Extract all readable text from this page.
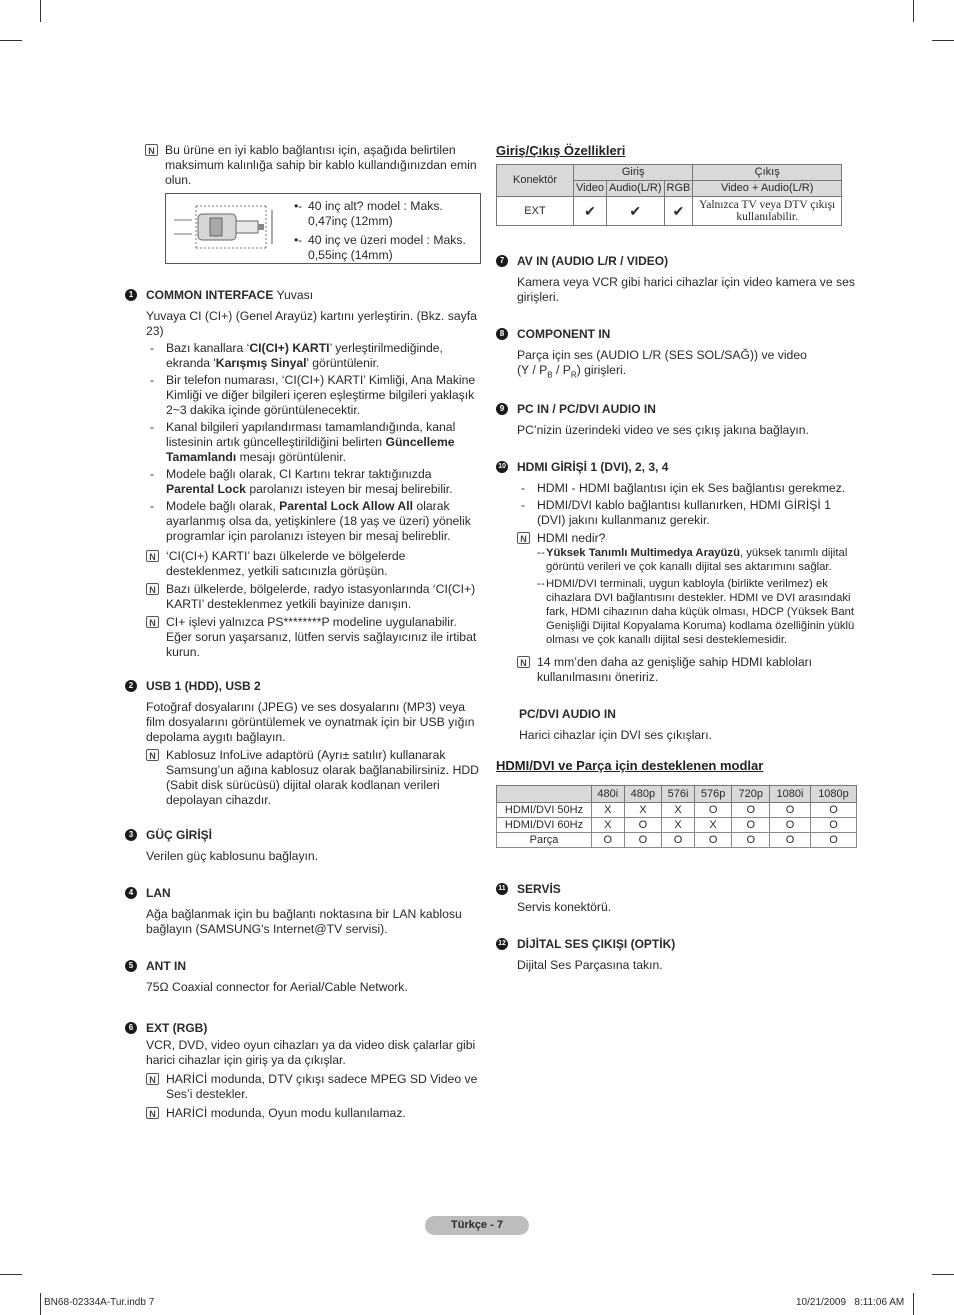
N Bu ürüne en iyi kablo bağlantısı için, aşağıda belirtilen maksimum kalınlığa sahip bir kablo kullandığınızdan emin olun.

- • 40 inç alt? model : Maks. 0,47inç (12mm)
- • 40 inç ve üzeri model : Maks. 0,55inç (14mm)
1	COMMON INTERFACE Yuvası

Yuvaya CI (CI+) (Genel Arayüz) kartını yerleştirin. (Bkz. sayfa 23)

- Bazı kanallara ‘CI(CI+) KARTI’ yerleştirilmediğinde, ekranda 'Karışmış Sinyal' görüntülenir.
- Bir telefon numarası, ‘CI(CI+) KARTI’ Kimliği, Ana Makine Kimliği ve diğer bilgileri içeren eşleştirme bilgileri yaklaşık 2~3 dakika içinde görüntülenecektir.
- Kanal bilgileri yapılandırması tamamlandığında, kanal listesinin artık güncelleştirildiğini belirten Güncelleme Tamamlandı mesajı görüntülenir.
- Modele bağlı olarak, CI Kartını tekrar taktığınızda Parental Lock parolanızı isteyen bir mesaj belirebilir.
- Modele bağlı olarak, Parental Lock Allow All olarak ayarlanmış olsa da, yetişkinlere (18 yaş ve üzeri) yönelik programlar için parolanızı isteyen bir mesaj belireblir.
N ‘CI(CI+) KARTI’ bazı ülkelerde ve bölgelerde desteklenmez, yetkili satıcınızla görüşün.
N Bazı ülkelerde, bölgelerde, radyo istasyonlarında ‘CI(CI+) KARTI’ desteklenmez yetkili bayinize danışın.
N CI+ işlevi yalnızca PS********P modeline uygulanabilir. Eğer sorun yaşarsanız, lütfen servis sağlayıcınız ile irtibat kurun.
2	USB 1 (HDD), USB 2

Fotoğraf dosyalarını (JPEG) ve ses dosyalarını (MP3) veya film dosyalarını görüntülemek ve oynatmak için bir USB yığın depolama aygıtı bağlayın.

N Kablosuz InfoLive adaptörü (Ayrı± satılır) kullanarak Samsung’un ağına kablosuz olarak bağlanabilirsiniz. HDD (Sabit disk sürücüsü) dijital olarak kodlanan verileri depolayan cihazdır.
3	GÜÇ GİRİŞİ

Verilen güç kablosunu bağlayın.

4	LAN

Ağa bağlanmak için bu bağlantı noktasına bir LAN kablosu bağlayın (SAMSUNG's Internet@TV servisi).

5	ANT IN

75Ω Coaxial connector for Aerial/Cable Network.

6	EXT (RGB)

VCR, DVD, video oyun cihazları ya da video disk çalarlar gibi harici cihazlar için giriş ya da çıkışlar.

N HARİCİ modunda, DTV çıkışı sadece MPEG SD Video ve Ses’i destekler.
N HARİCİ modunda, Oyun modu kullanılamaz.

Giriş/Çıkış Özellikleri

Konektör	Giriş			Çıkış
	Video	Audio(L/R)	RGB	Video + Audio(L/R)
EXT	✔	✔	✔	Yalnızca TV veya DTV çıkışı kullanılabilir.
7	AV IN (AUDIO L/R / VIDEO)

Kamera veya VCR gibi harici cihazlar için video kamera ve ses girişleri.

8	COMPONENT IN

Parça için ses (AUDIO L/R (SES SOL/SAĞ)) ve video

$(Y / P_B / P_R)$ girişleri.

9	PC IN / PC/DVI AUDIO IN

PC’nizin üzerindeki video ve ses çıkış jakına bağlayın.

10 HDMI GİRİŞİ 1 (DVI), 2, 3, 4

- HDMI - HDMI bağlantısı için ek Ses bağlantısı gerekmez.
- HDMI/DVI kablo bağlantısı kullanırken, HDMI GİRİŞİ 1 (DVI) jakını kullanmanız gerekir.
N HDMI nedir?
- - Yüksek Tanımlı Multimedya Arayüzü, yüksek tanımlı dijital görüntü verileri ve çok kanallı dijital ses aktarımını sağlar.
- - HDMI/DVI terminali, uygun kabloyla (birlikte verilmez) ek cihazlara DVI bağlantısını destekler. HDMI ve DVI arasındaki fark, HDMI cihazının daha küçük olması, HDCP (Yüksek Bant Genişliği Dijital Kopyalama Koruma) kodlama özelliğinin yüklü olması ve çok kanallı dijital sesi desteklemesidir.
N 14 mm’den daha az genişliğe sahip HDMI kabloları kullanılmasını öneririz.

PC/DVI AUDIO IN

Harici cihazlar için DVI ses çıkışları.

HDMI/DVI ve Parça için desteklenen modlar

	480i	480p	576i	576p	720p	1080i	1080p
HDMI/DVI 50Hz	X	X	X	O	O	O	O
HDMI/DVI 60Hz	X	O	X	X	O	O	O
Parça	O	O	O	O	O	O	O
11 SERVİS

Servis konektörü.

12 DİJİTAL SES ÇIKIŞI (OPTİK)

Dijital Ses Parçasına takın.

Türkçe - 7
BN68-02334A-Tur.indb 7	10/21/2009   8:11:06 AM
